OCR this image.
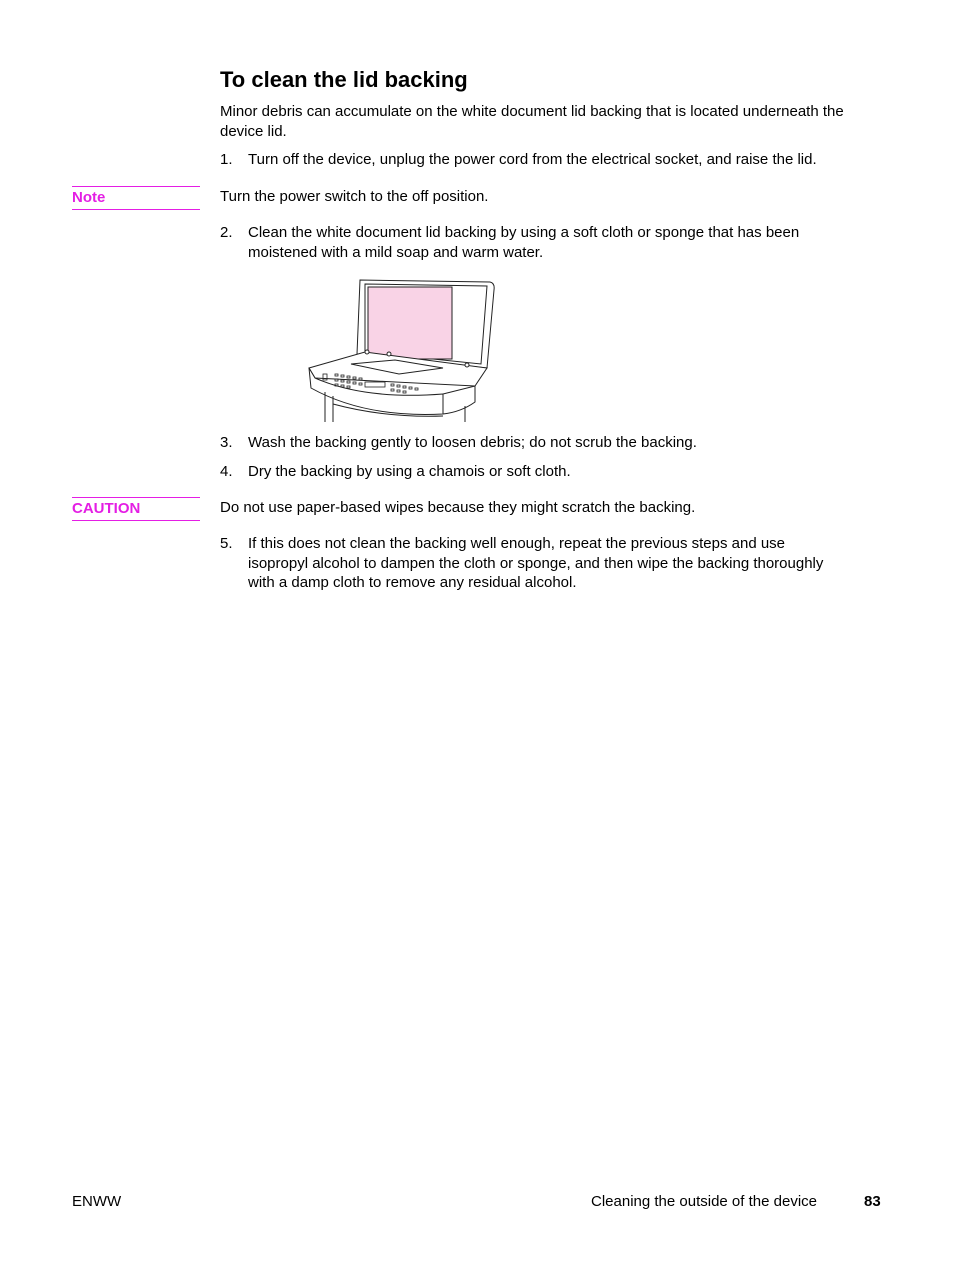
To clean the lid backing
Minor debris can accumulate on the white document lid backing that is located underneath the
device lid.
1. Turn off the device, unplug the power cord from the electrical socket, and raise the lid.
Note	Turn the power switch to the off position.
2. Clean the white document lid backing by using a soft cloth or sponge that has been
moistened with a mild soap and warm water.
3. Wash the backing gently to loosen debris; do not scrub the backing.
4. Dry the backing by using a chamois or soft cloth.
CAUTION	Do not use paper-based wipes because they might scratch the backing.
5. If this does not clean the backing well enough, repeat the previous steps and use
isopropyl alcohol to dampen the cloth or sponge, and then wipe the backing thoroughly
with a damp cloth to remove any residual alcohol.
ENWW	Cleaning the outside of the device	83
